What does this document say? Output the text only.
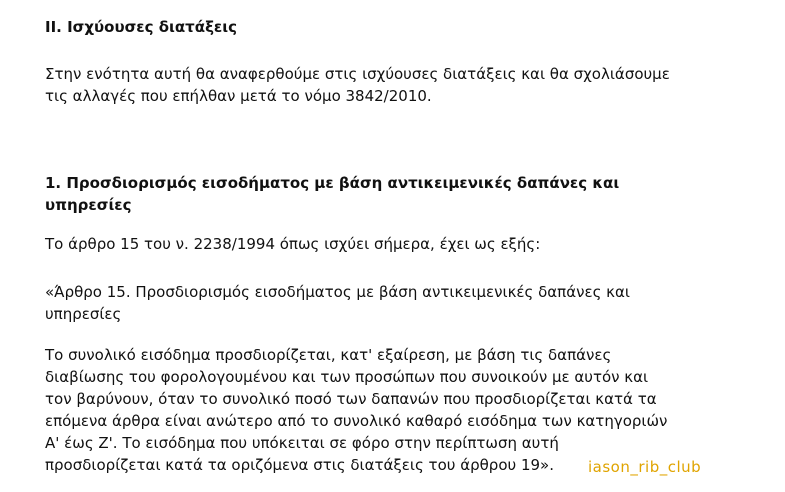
ΙΙ. Ισχύουσες διατάξεις
Στην ενότητα αυτή θα αναφερθούμε στις ισχύουσες διατάξεις και θα σχολιάσουμε
τις αλλαγές που επήλθαν μετά το νόμο 3842/2010.
1. Προσδιορισμός εισοδήματος με βάση αντικειμενικές δαπάνες και
υπηρεσίες
Το άρθρο 15 του ν. 2238/1994 όπως ισχύει σήμερα, έχει ως εξής:
«Άρθρο 15. Προσδιορισμός εισοδήματος με βάση αντικειμενικές δαπάνες και
υπηρεσίες
Το συνολικό εισόδημα προσδιορίζεται, κατ' εξαίρεση, με βάση τις δαπάνες
διαβίωσης του φορολογουμένου και των προσώπων που συνοικούν με αυτόν και
τον βαρύνουν, όταν το συνολικό ποσό των δαπανών που προσδιορίζεται κατά τα
επόμενα άρθρα είναι ανώτερο από το συνολικό καθαρό εισόδημα των κατηγοριών
Α' έως Ζ'. Το εισόδημα που υπόκειται σε φόρο στην περίπτωση αυτή
προσδιορίζεται κατά τα οριζόμενα στις διατάξεις του άρθρου 19».	iason_rib_club
